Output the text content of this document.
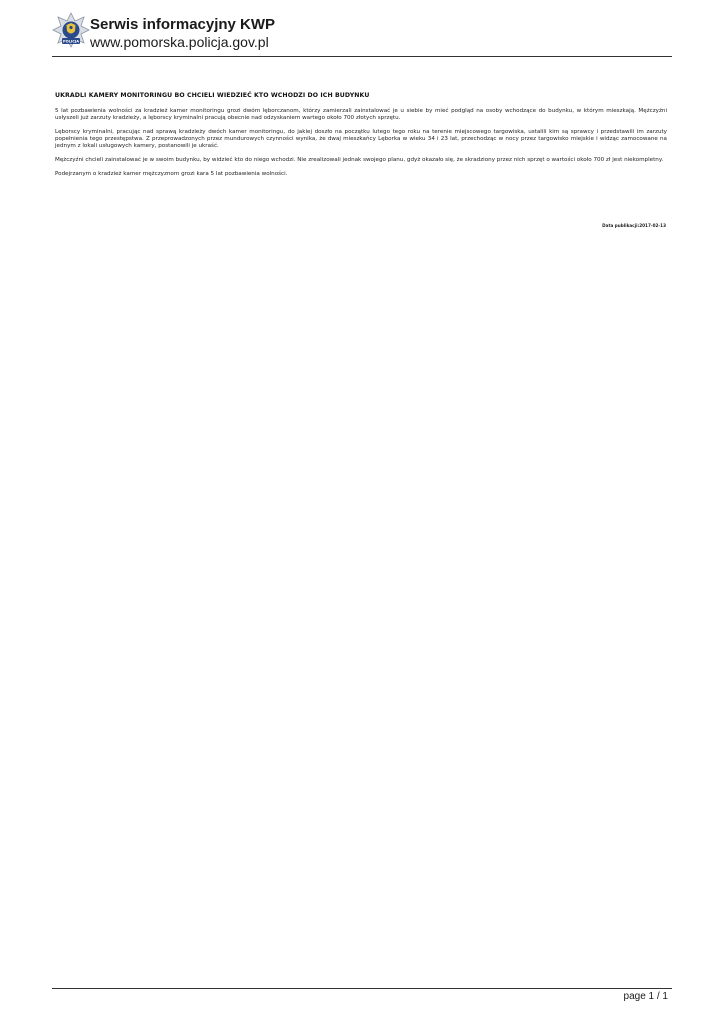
POLICJA
Serwis informacyjny KWP
www.pomorska.policja.gov.pl
UKRADLI KAMERY MONITORINGU BO CHCIELI WIEDZIEĆ KTO WCHODZI DO ICH BUDYNKU

5 lat pozbawienia wolności za kradzież kamer monitoringu grozi dwóm lęborczanom, którzy zamierzali zainstalować je u siebie by mieć podgląd na osoby wchodzące do budynku, w którym mieszkają. Mężczyźni usłyszeli już zarzuty kradzieży, a lęborscy kryminalni pracują obecnie nad odzyskaniem wartego około 700 złotych sprzętu.

Lęborscy kryminalni, pracując nad sprawą kradzieży dwóch kamer monitoringu, do jakiej doszło na początku lutego tego roku na terenie miejscowego targowiska, ustalili kim są sprawcy i przedstawili im zarzuty popełnienia tego przestępstwa. Z przeprowadzonych przez mundurowych czynności wynika, że dwaj mieszkańcy Lęborka w wieku 34 i 23 lat, przechodząc w nocy przez targowisko miejskie i widząc zamocowane na jednym z lokali usługowych kamery, postanowili je ukraść.

Mężczyźni chcieli zainstalować je w swoim budynku, by widzieć kto do niego wchodzi. Nie zrealizowali jednak swojego planu, gdyż okazało się, że skradziony przez nich sprzęt o wartości około 700 zł jest niekompletny.

Podejrzanym o kradzież kamer mężczyznom grozi kara 5 lat pozbawienia wolności.

Data publikacji:2017-02-13
page 1 / 1
